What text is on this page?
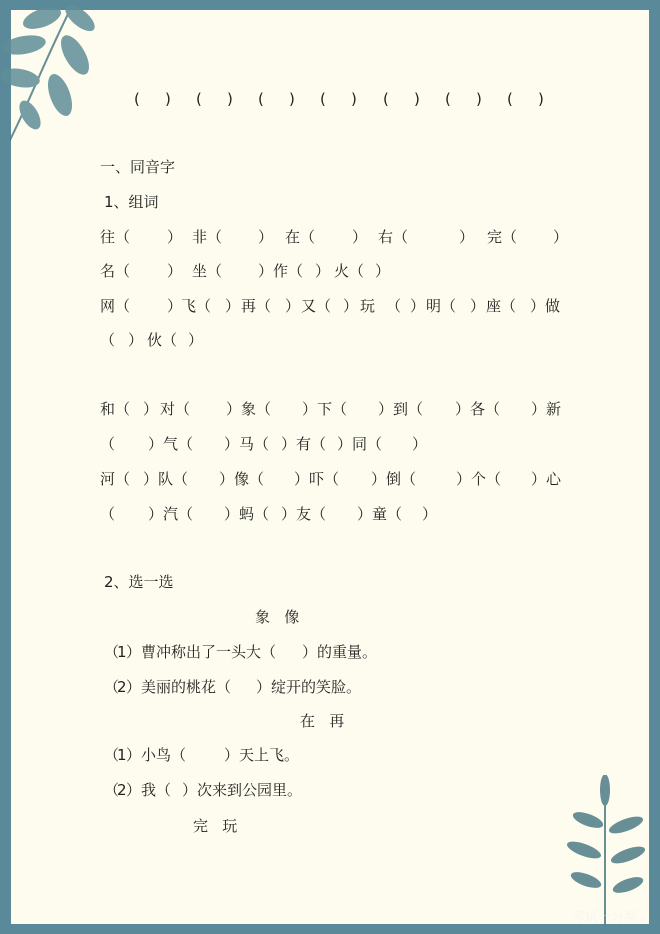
( ) ( ) ( ) ( ) ( ) ( ) ( )
一、同音字
1、组词
往（ ） 非（ ） 在（ ） 右（	） 完（ ）
名（ ） 坐（ ）作（ ） 火（ ）
网（ ）
飞（ ） 再（ ） 又（ ） 玩 （ ） 明（ ） 座（ ） 做
（ ） 伙（ ）
和（ ） 对（ ）象（ ）下（ ）到（ ）各（ ）新
（ ）气（ ）马（ ）有（ ）同（ ）
河（ ）队（ ）像（ ）吓（ ）倒（	）个（ ）心
（ ）汽（ ）蚂（ ）友（ ）童（ ）
2、选一选
象   像
（
1 ）曹冲称出了一头大（ ）的重量。
（
2 ）美丽的桃花（ ）绽开的笑脸。
在   再
（
1 ）小鸟（	）天上飞。
（
2 ）我（ ）次来到公园里。
完   玩
考试一分享
